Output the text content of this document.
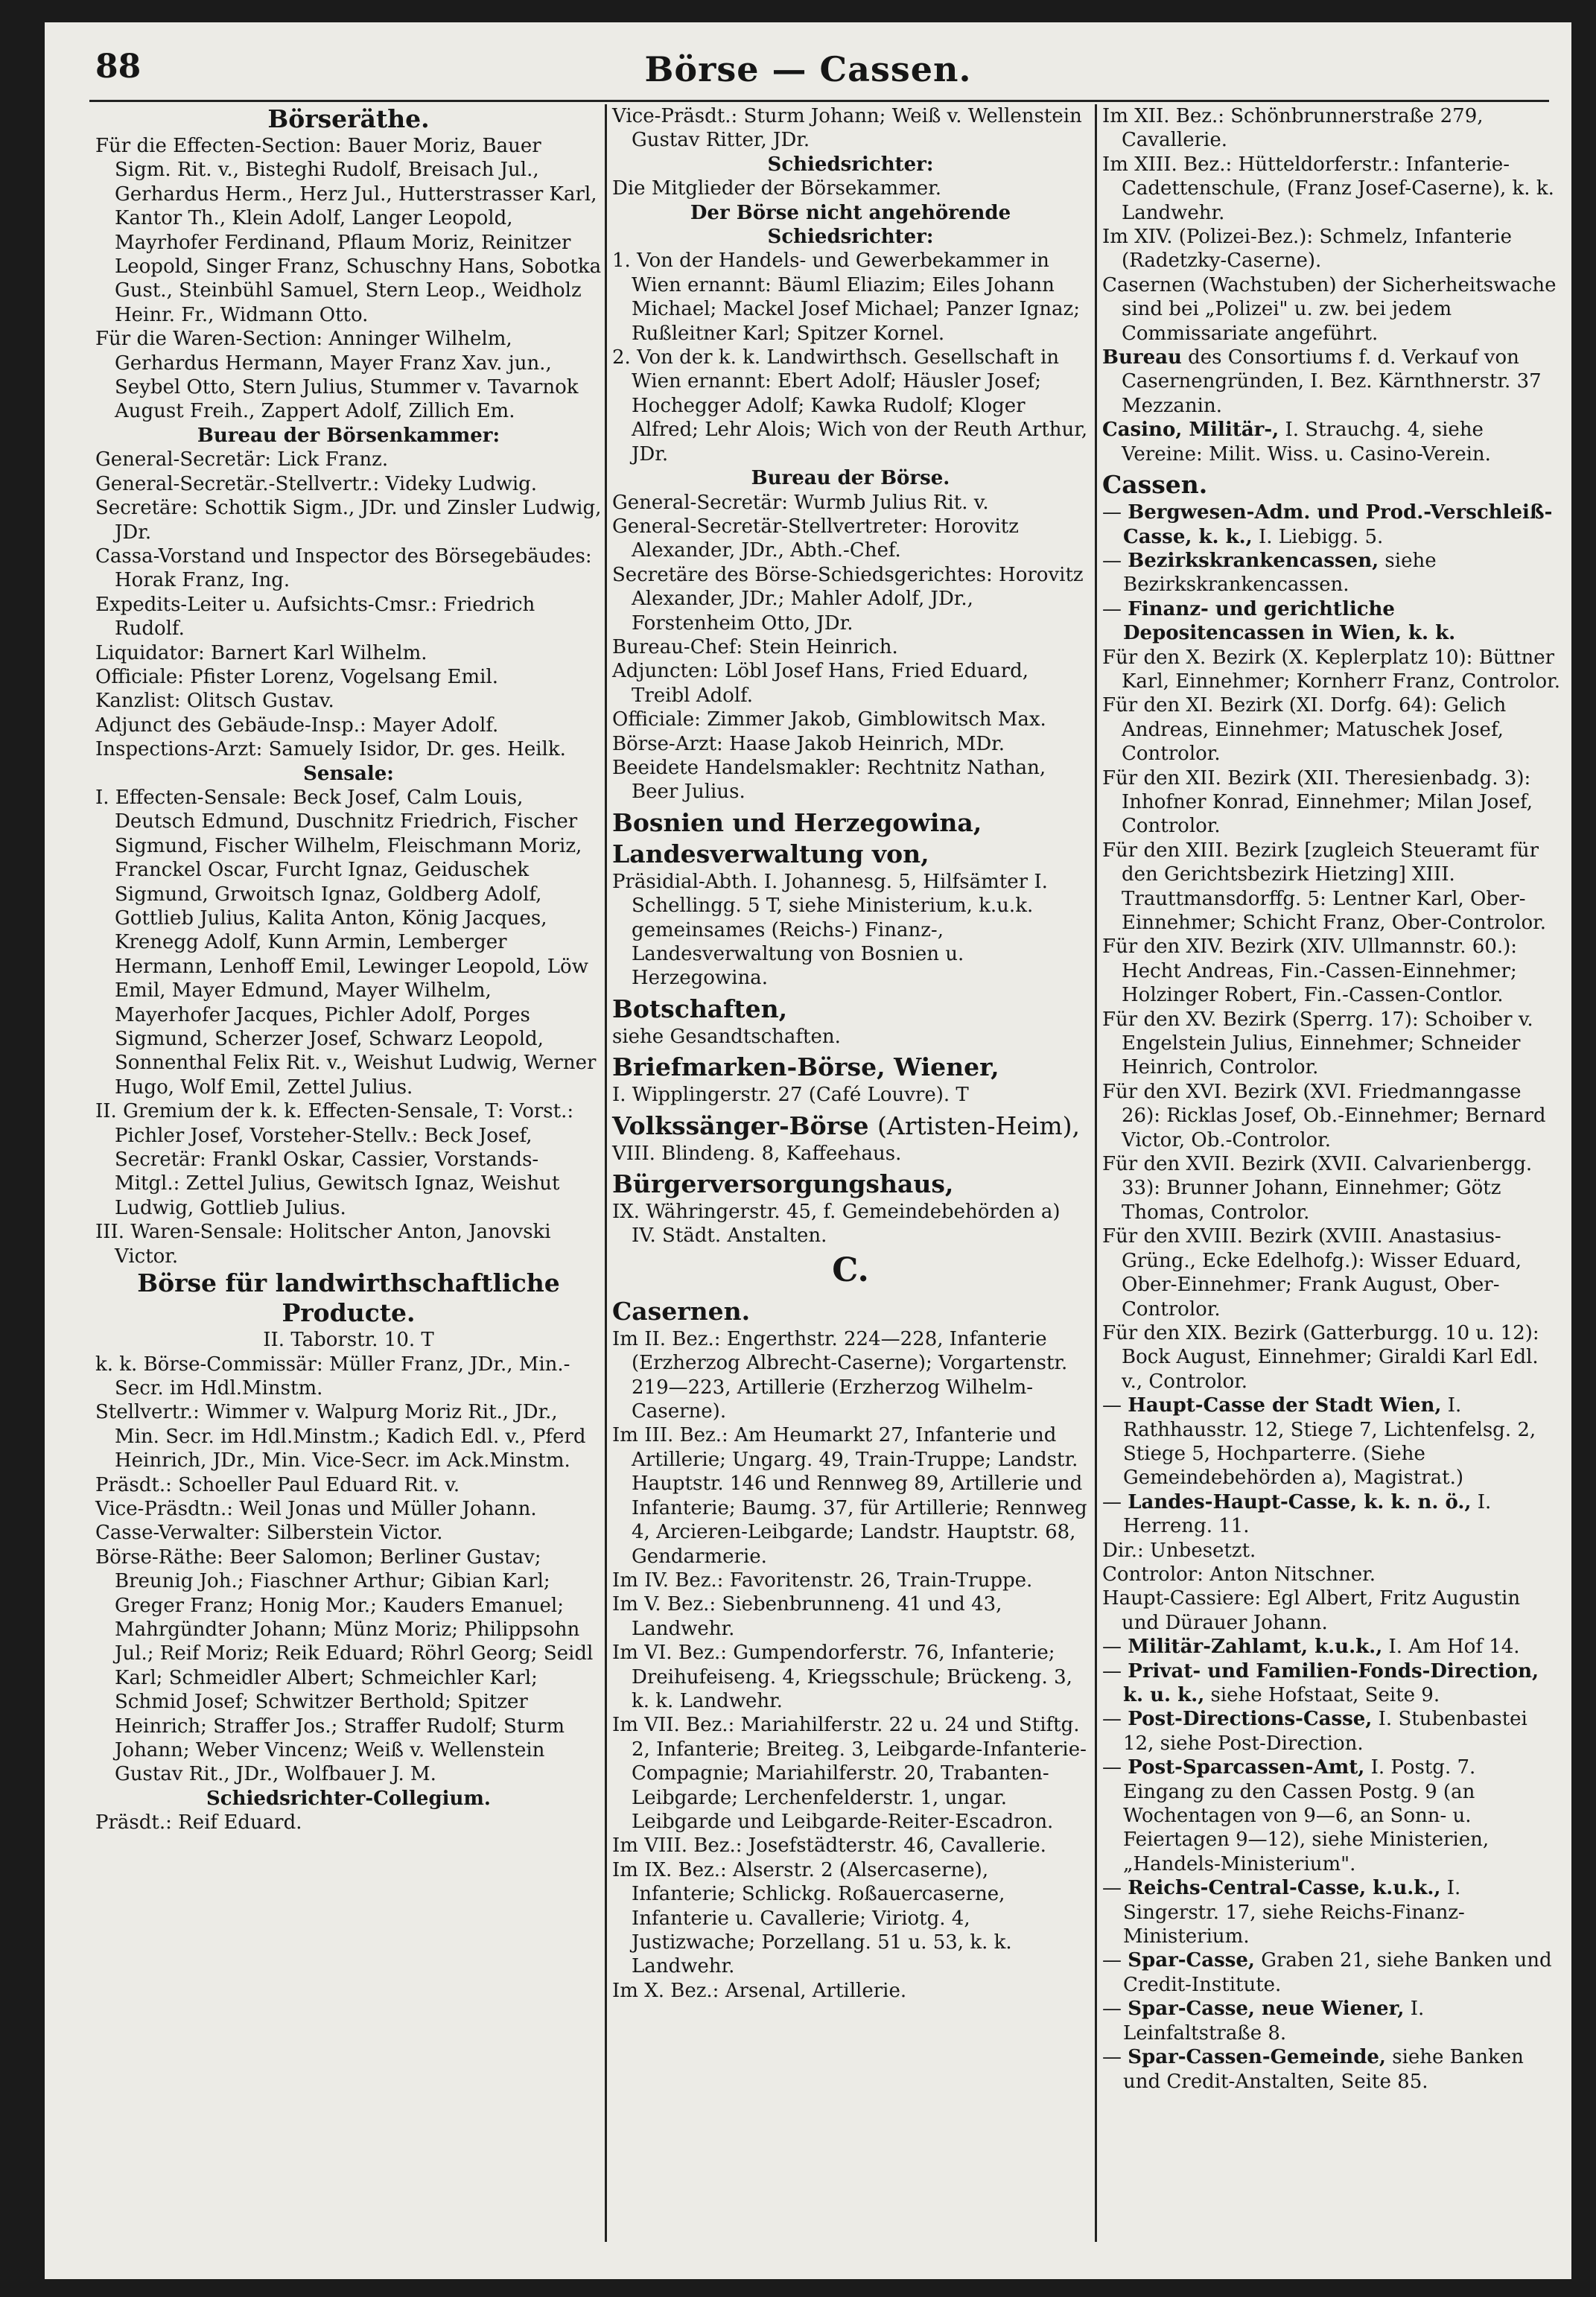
88	Börse — Cassen.

Börseräthe.

Für die Effecten-Section: Bauer Moriz, Bauer Sigm. Rit. v., Bisteghi Rudolf, Breisach Jul., Gerhardus Herm., Herz Jul., Hutterstrasser Karl, Kantor Th., Klein Adolf, Langer Leopold, Mayrhofer Ferdinand, Pflaum Moriz, Reinitzer Leopold, Singer Franz, Schuschny Hans, Sobotka Gust., Steinbühl Samuel, Stern Leop., Weidholz Heinr. Fr., Widmann Otto.

Für die Waren-Section: Anninger Wilhelm, Gerhardus Hermann, Mayer Franz Xav. jun., Seybel Otto, Stern Julius, Stummer v. Tavarnok August Freih., Zappert Adolf, Zillich Em.

Bureau der Börsenkammer:

General-Secretär: Lick Franz.

General-Secretär.-Stellvertr.: Videky Ludwig.

Secretäre: Schottik Sigm., JDr. und Zinsler Ludwig, JDr.

Cassa-Vorstand und Inspector des Börsegebäudes: Horak Franz, Ing.

Expedits-Leiter u. Aufsichts-Cmsr.: Friedrich Rudolf.

Liquidator: Barnert Karl Wilhelm.

Officiale: Pfister Lorenz, Vogelsang Emil.

Kanzlist: Olitsch Gustav.

Adjunct des Gebäude-Insp.: Mayer Adolf.

Inspections-Arzt: Samuely Isidor, Dr. ges. Heilk.

Sensale:

I. Effecten-Sensale: Beck Josef, Calm Louis, Deutsch Edmund, Duschnitz Friedrich, Fischer Sigmund, Fischer Wilhelm, Fleischmann Moriz, Franckel Oscar, Furcht Ignaz, Geiduschek Sigmund, Grwoitsch Ignaz, Goldberg Adolf, Gottlieb Julius, Kalita Anton, König Jacques, Krenegg Adolf, Kunn Armin, Lemberger Hermann, Lenhoff Emil, Lewinger Leopold, Löw Emil, Mayer Edmund, Mayer Wilhelm, Mayerhofer Jacques, Pichler Adolf, Porges Sigmund, Scherzer Josef, Schwarz Leopold, Sonnenthal Felix Rit. v., Weishut Ludwig, Werner Hugo, Wolf Emil, Zettel Julius.

II. Gremium der k. k. Effecten-Sensale, T: Vorst.: Pichler Josef, Vorsteher-Stellv.: Beck Josef, Secretär: Frankl Oskar, Cassier, Vorstands-Mitgl.: Zettel Julius, Gewitsch Ignaz, Weishut Ludwig, Gottlieb Julius.

III. Waren-Sensale: Holitscher Anton, Janovski Victor.

Börse für landwirthschaftliche Producte.

II. Taborstr. 10. T

k. k. Börse-Commissär: Müller Franz, JDr., Min.-Secr. im Hdl.Minstm.

Stellvertr.: Wimmer v. Walpurg Moriz Rit., JDr., Min. Secr. im Hdl.Minstm.; Kadich Edl. v., Pferd Heinrich, JDr., Min. Vice-Secr. im Ack.Minstm.

Präsdt.: Schoeller Paul Eduard Rit. v.

Vice-Präsdtn.: Weil Jonas und Müller Johann.

Casse-Verwalter: Silberstein Victor.

Börse-Räthe: Beer Salomon; Berliner Gustav; Breunig Joh.; Fiaschner Arthur; Gibian Karl; Greger Franz; Honig Mor.; Kauders Emanuel; Mahrgündter Johann; Münz Moriz; Philippsohn Jul.; Reif Moriz; Reik Eduard; Röhrl Georg; Seidl Karl; Schmeidler Albert; Schmeichler Karl; Schmid Josef; Schwitzer Berthold; Spitzer Heinrich; Straffer Jos.; Straffer Rudolf; Sturm Johann; Weber Vincenz; Weiß v. Wellenstein Gustav Rit., JDr., Wolfbauer J. M.

Schiedsrichter-Collegium.

Präsdt.: Reif Eduard.

Vice-Präsdt.: Sturm Johann; Weiß v. Wellenstein Gustav Ritter, JDr.

Schiedsrichter:

Die Mitglieder der Börsekammer.

Der Börse nicht angehörende Schiedsrichter:

1. Von der Handels- und Gewerbekammer in Wien ernannt: Bäuml Eliazim; Eiles Johann Michael; Mackel Josef Michael; Panzer Ignaz; Rußleitner Karl; Spitzer Kornel.

2. Von der k. k. Landwirthsch. Gesellschaft in Wien ernannt: Ebert Adolf; Häusler Josef; Hochegger Adolf; Kawka Rudolf; Kloger Alfred; Lehr Alois; Wich von der Reuth Arthur, JDr.

Bureau der Börse.

General-Secretär: Wurmb Julius Rit. v.

General-Secretär-Stellvertreter: Horovitz Alexander, JDr., Abth.-Chef.

Secretäre des Börse-Schiedsgerichtes: Horovitz Alexander, JDr.; Mahler Adolf, JDr., Forstenheim Otto, JDr.

Bureau-Chef: Stein Heinrich.

Adjuncten: Löbl Josef Hans, Fried Eduard, Treibl Adolf.

Officiale: Zimmer Jakob, Gimblowitsch Max.

Börse-Arzt: Haase Jakob Heinrich, MDr.

Beeidete Handelsmakler: Rechtnitz Nathan, Beer Julius.

Bosnien und Herzegowina, Landesverwaltung von,

Präsidial-Abth. I. Johannesg. 5, Hilfsämter I. Schellingg. 5 T, siehe Ministerium, k.u.k. gemeinsames (Reichs-) Finanz-, Landesverwaltung von Bosnien u. Herzegowina.

Botschaften,

siehe Gesandtschaften.

Briefmarken-Börse, Wiener,

I. Wipplingerstr. 27 (Café Louvre). T

Volkssänger-Börse (Artisten-Heim),

VIII. Blindeng. 8, Kaffeehaus.

Bürgerversorgungshaus,

IX. Währingerstr. 45, f. Gemeindebehörden a) IV. Städt. Anstalten.

C.

Casernen.

Im II. Bez.: Engerthstr. 224—228, Infanterie (Erzherzog Albrecht-Caserne); Vorgartenstr. 219—223, Artillerie (Erzherzog Wilhelm-Caserne).

Im III. Bez.: Am Heumarkt 27, Infanterie und Artillerie; Ungarg. 49, Train-Truppe; Landstr. Hauptstr. 146 und Rennweg 89, Artillerie und Infanterie; Baumg. 37, für Artillerie; Rennweg 4, Arcieren-Leibgarde; Landstr. Hauptstr. 68, Gendarmerie.

Im IV. Bez.: Favoritenstr. 26, Train-Truppe.

Im V. Bez.: Siebenbrunneng. 41 und 43, Landwehr.

Im VI. Bez.: Gumpendorferstr. 76, Infanterie; Dreihufeiseng. 4, Kriegsschule; Brückeng. 3, k. k. Landwehr.

Im VII. Bez.: Mariahilferstr. 22 u. 24 und Stiftg. 2, Infanterie; Breiteg. 3, Leibgarde-Infanterie-Compagnie; Mariahilferstr. 20, Trabanten-Leibgarde; Lerchenfelderstr. 1, ungar. Leibgarde und Leibgarde-Reiter-Escadron.

Im VIII. Bez.: Josefstädterstr. 46, Cavallerie.

Im IX. Bez.: Alserstr. 2 (Alsercaserne), Infanterie; Schlickg. Roßauercaserne, Infanterie u. Cavallerie; Viriotg. 4, Justizwache; Porzellang. 51 u. 53, k. k. Landwehr.

Im X. Bez.: Arsenal, Artillerie.

Im XII. Bez.: Schönbrunnerstraße 279, Cavallerie.

Im XIII. Bez.: Hütteldorferstr.: Infanterie-Cadettenschule, (Franz Josef-Caserne), k. k. Landwehr.

Im XIV. (Polizei-Bez.): Schmelz, Infanterie (Radetzky-Caserne).

Casernen (Wachstuben) der Sicherheitswache sind bei „Polizei" u. zw. bei jedem Commissariate angeführt.

Bureau des Consortiums f. d. Verkauf von Casernengründen, I. Bez. Kärnthnerstr. 37 Mezzanin.

Casino, Militär-, I. Strauchg. 4, siehe Vereine: Milit. Wiss. u. Casino-Verein.

Cassen.

— Bergwesen-Adm. und Prod.-Verschleiß-Casse, k. k., I. Liebigg. 5.

— Bezirkskrankencassen, siehe Bezirkskrankencassen.

— Finanz- und gerichtliche Depositencassen in Wien, k. k.

Für den X. Bezirk (X. Keplerplatz 10): Büttner Karl, Einnehmer; Kornherr Franz, Controlor.

Für den XI. Bezirk (XI. Dorfg. 64): Gelich Andreas, Einnehmer; Matuschek Josef, Controlor.

Für den XII. Bezirk (XII. Theresienbadg. 3): Inhofner Konrad, Einnehmer; Milan Josef, Controlor.

Für den XIII. Bezirk [zugleich Steueramt für den Gerichtsbezirk Hietzing] XIII. Trauttmansdorffg. 5: Lentner Karl, Ober-Einnehmer; Schicht Franz, Ober-Controlor.

Für den XIV. Bezirk (XIV. Ullmannstr. 60.): Hecht Andreas, Fin.-Cassen-Einnehmer; Holzinger Robert, Fin.-Cassen-Contlor.

Für den XV. Bezirk (Sperrg. 17): Schoiber v. Engelstein Julius, Einnehmer; Schneider Heinrich, Controlor.

Für den XVI. Bezirk (XVI. Friedmanngasse 26): Ricklas Josef, Ob.-Einnehmer; Bernard Victor, Ob.-Controlor.

Für den XVII. Bezirk (XVII. Calvarienbergg. 33): Brunner Johann, Einnehmer; Götz Thomas, Controlor.

Für den XVIII. Bezirk (XVIII. Anastasius-Grüng., Ecke Edelhofg.): Wisser Eduard, Ober-Einnehmer; Frank August, Ober-Controlor.

Für den XIX. Bezirk (Gatterburgg. 10 u. 12): Bock August, Einnehmer; Giraldi Karl Edl. v., Controlor.

— Haupt-Casse der Stadt Wien, I. Rathhausstr. 12, Stiege 7, Lichtenfelsg. 2, Stiege 5, Hochparterre. (Siehe Gemeindebehörden a), Magistrat.)

— Landes-Haupt-Casse, k. k. n. ö., I. Herreng. 11.

Dir.: Unbesetzt.

Controlor: Anton Nitschner.

Haupt-Cassiere: Egl Albert, Fritz Augustin und Dürauer Johann.

— Militär-Zahlamt, k.u.k., I. Am Hof 14.

— Privat- und Familien-Fonds-Direction, k. u. k., siehe Hofstaat, Seite 9.

— Post-Directions-Casse, I. Stubenbastei 12, siehe Post-Direction.

— Post-Sparcassen-Amt, I. Postg. 7. Eingang zu den Cassen Postg. 9 (an Wochentagen von 9—6, an Sonn- u. Feiertagen 9—12), siehe Ministerien, „Handels-Ministerium".

— Reichs-Central-Casse, k.u.k., I. Singerstr. 17, siehe Reichs-Finanz-Ministerium.

— Spar-Casse, Graben 21, siehe Banken und Credit-Institute.

— Spar-Casse, neue Wiener, I. Leinfaltstraße 8.

— Spar-Cassen-Gemeinde, siehe Banken und Credit-Anstalten, Seite 85.
